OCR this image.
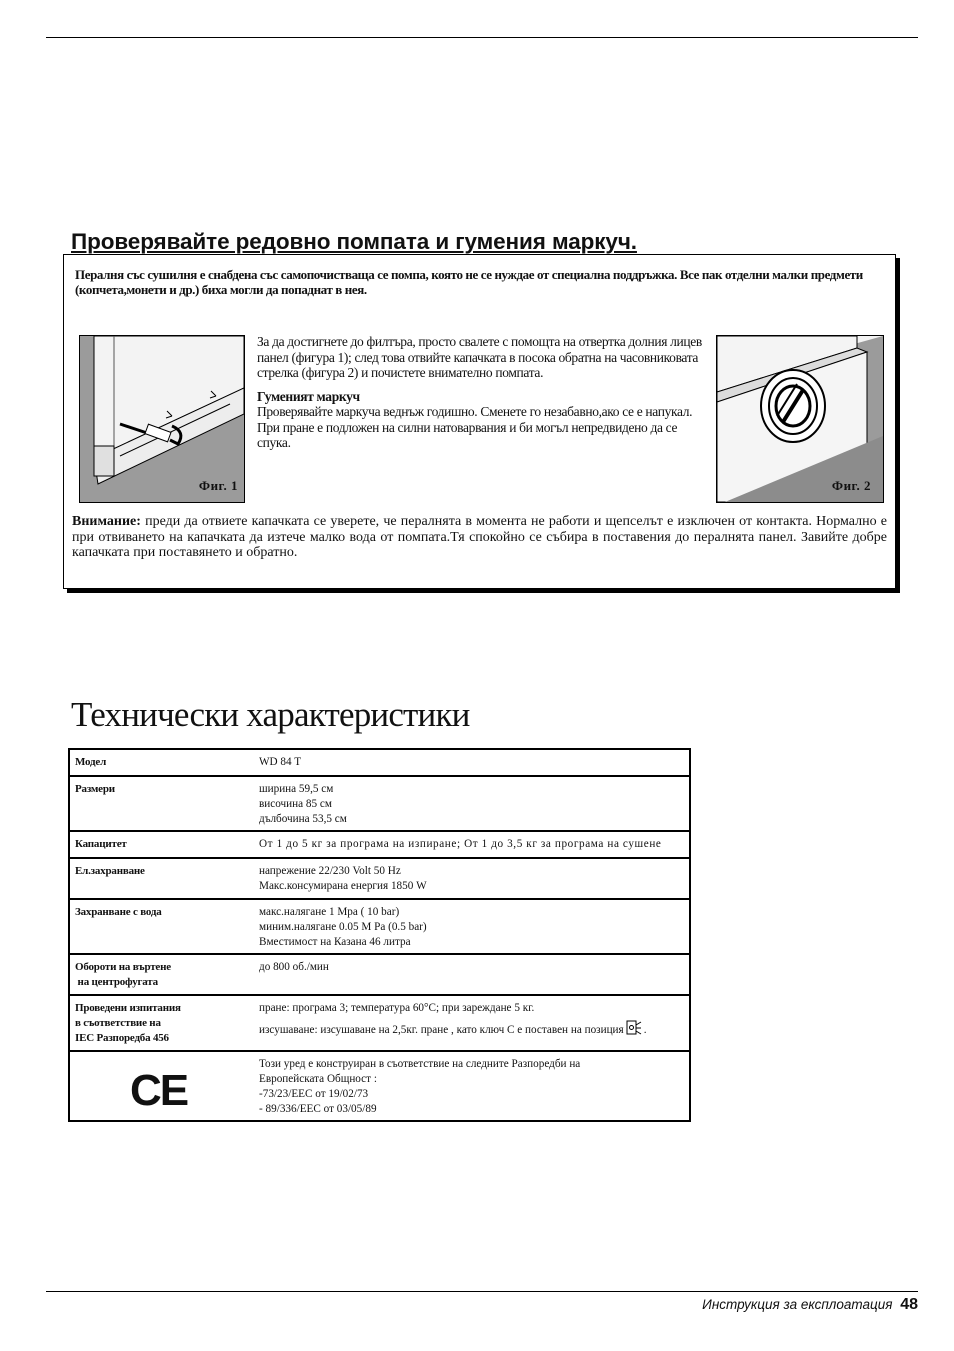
Проверявайте редовно помпата и гумения маркуч.

Пералня със сушилня е снабдена със самопочистваща се помпа, която не се нуждае от специална поддръжка. Все пак отделни малки предмети (копчета,монети и др.) биха могли да попаднат в нея.

Фиг. 1

За да достигнете до филтъра, просто свалете с помощта на отвертка долния лицев панел (фигура 1); след това отвийте капачката в посока обратна на часовниковата стрелка (фигура 2) и почистете внимателно помпата.

Гуменият маркуч

Проверявайте маркуча веднъж годишно. Сменете го незабавно,ако се е напукал. При пране е подложен на силни натоварвания и би могъл непредвидено да се спука.

Фиг. 2

Внимание: преди да отвиете капачката се уверете, че пералнята в момента не работи и щепселът е изключен от контакта. Нормално е при отвиването на капачката да изтече малко вода от помпата.Тя спокойно се събира в поставения до пералнята панел. Завийте добре капачката при поставянето и обратно.

Технически характеристики
Модел	WD 84 T

Размери	ширина 59,5 см
височина 85 см
дълбочина 53,5 см

Капацитет	От 1 до 5 кг за програма на изпиране; От 1 до 3,5 кг за програма на сушене

Ел.захранване	напрежение 22/230 Volt 50 Hz
Макс.консумирана енергия 1850 W

Захранване с вода	макс.налягане 1 Mpa ( 10 bar)
миним.налягане 0.05 M Pa (0.5 bar)
Вместимост на Казана 46 литра

Обороти на въртене
на центрофугата	до 800 об./мин

Проведени изпитания
в съответствие на
IEC Разпоредба 456	пране: програма 3; температура 60°C; при зареждане 5 кг.
изсушаване: изсушаване на 2,5кг. пране , като ключ С е поставен на позиция .

CE	Този уред е конструиран в съответствие на следните Разпоредби на
Европейската Общност :
-73/23/EEC от 19/02/73
- 89/336/EEC от 03/05/89
Инструкция за експлоатация 48
